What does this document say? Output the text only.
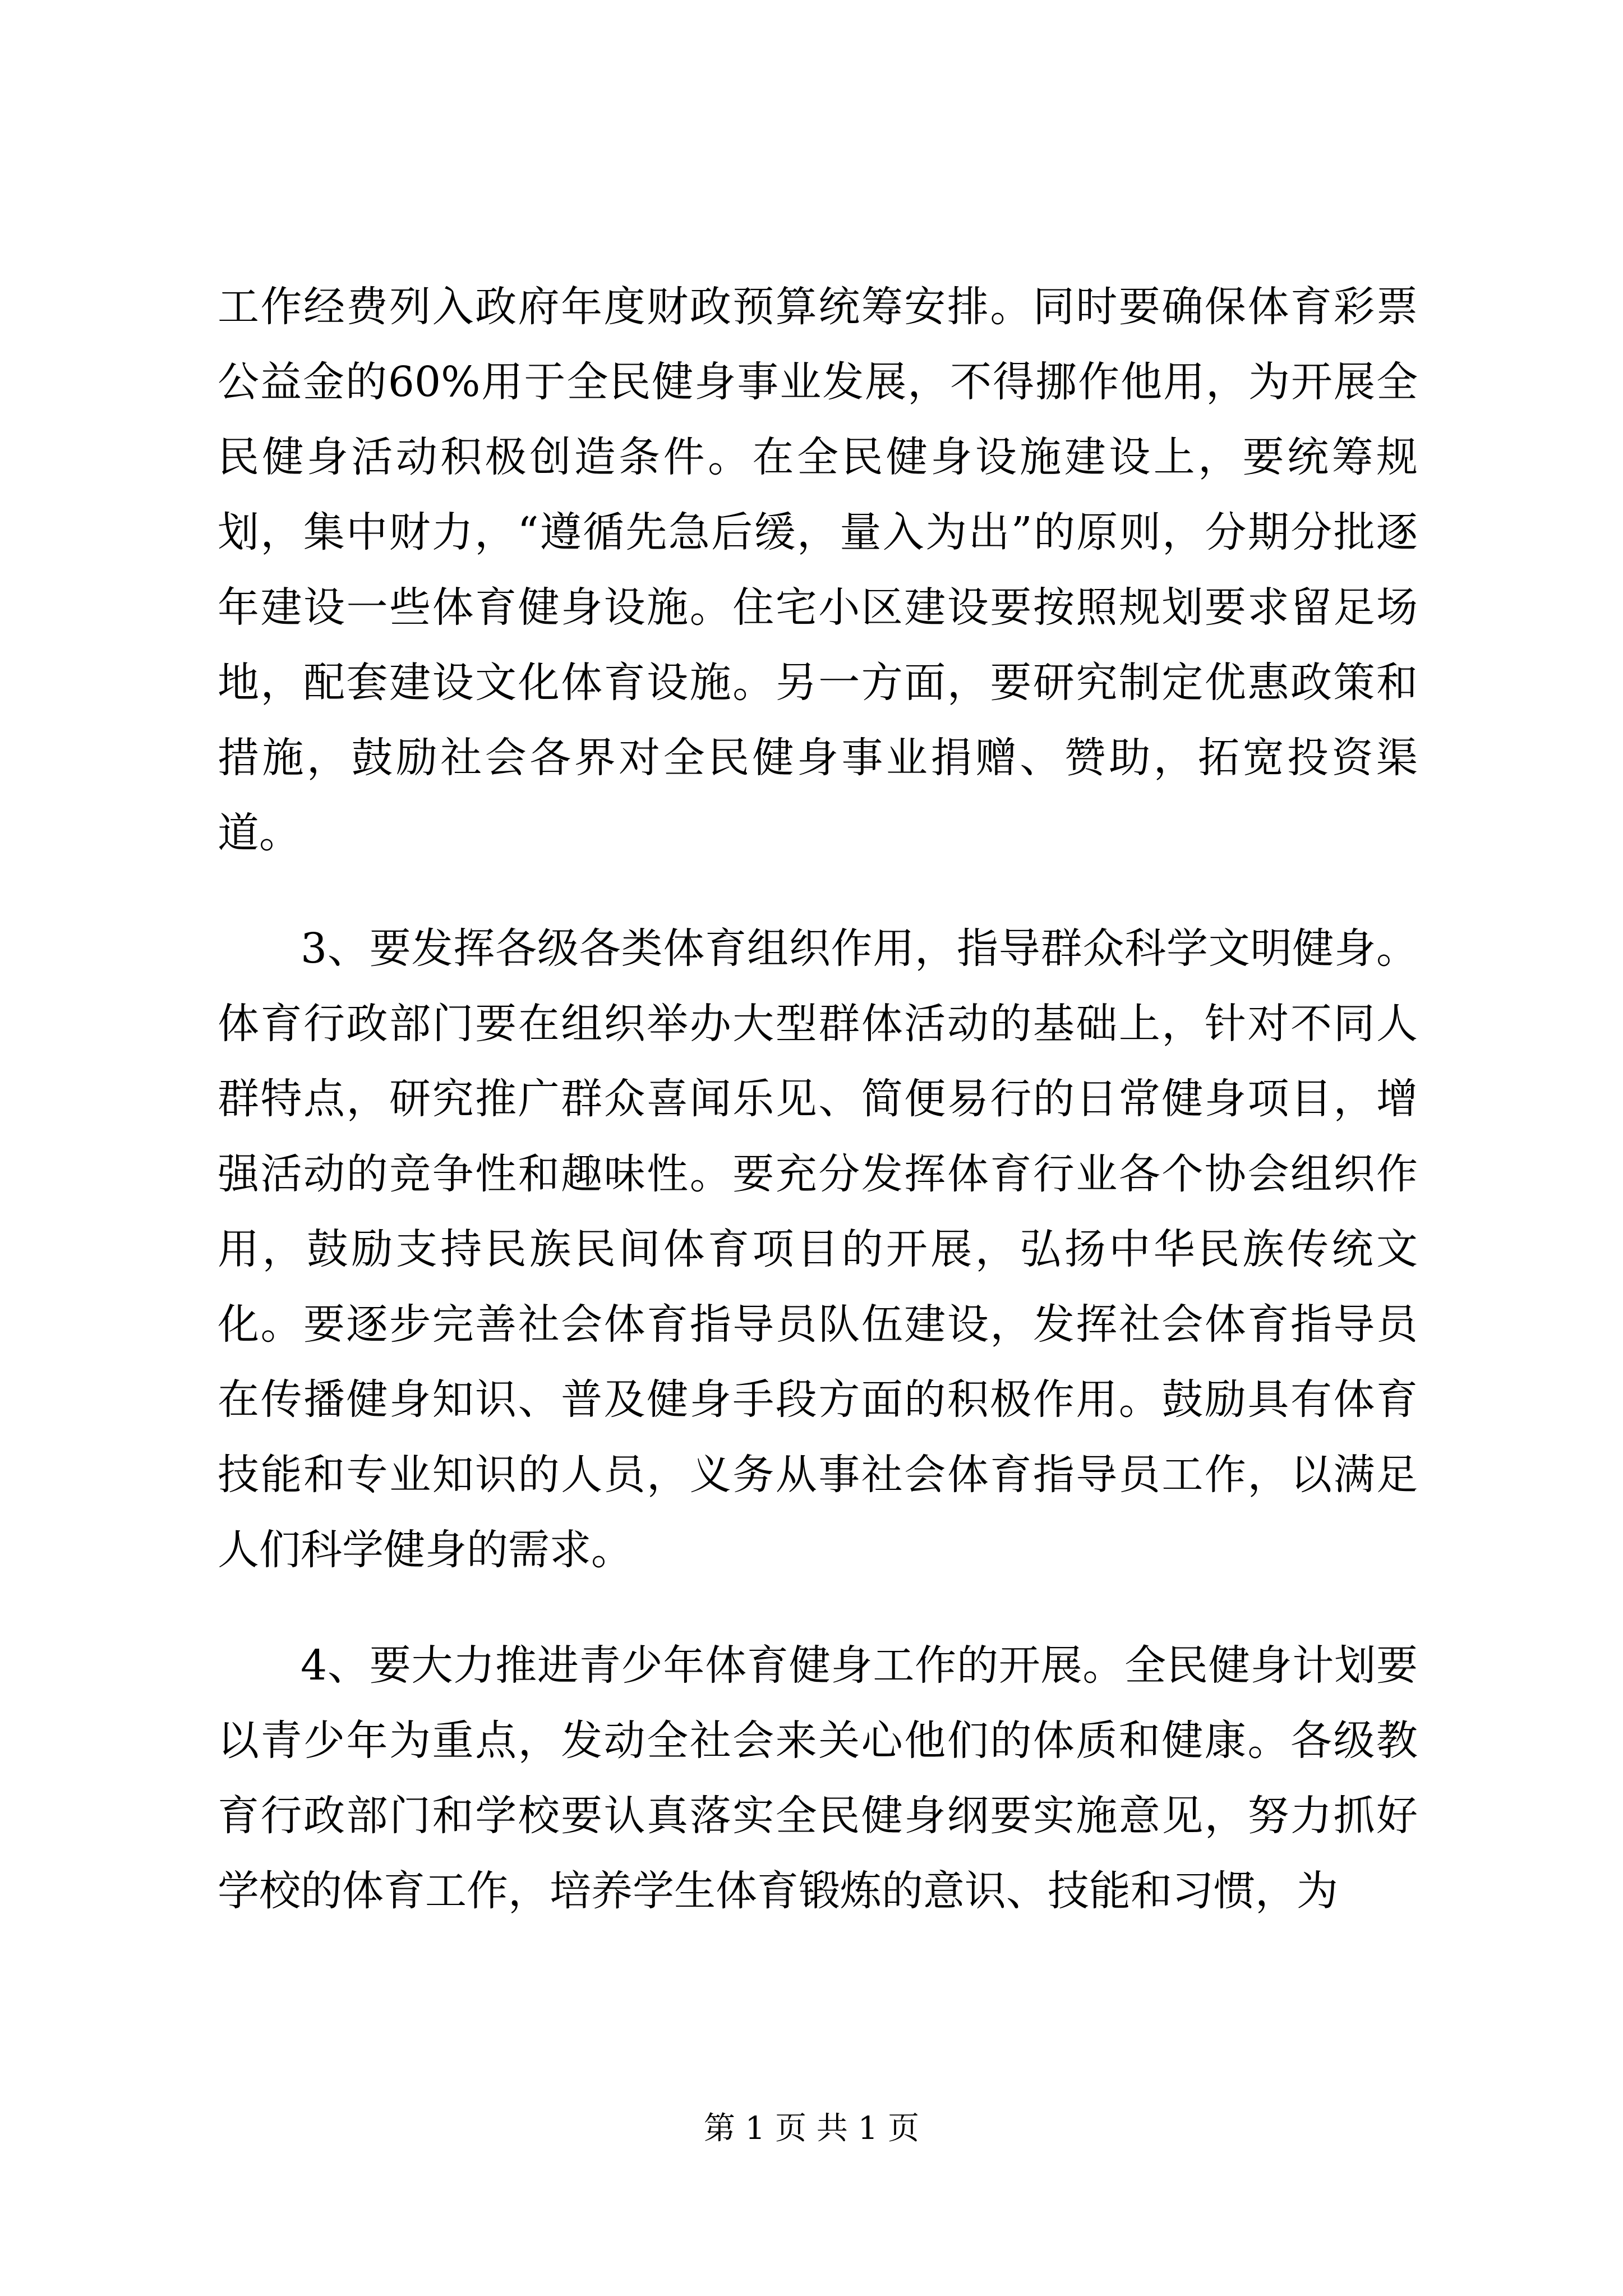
工作经费列入政府年度财政预算统筹安排。同时要确保体育彩票公益金的60%用于全民健身事业发展，不得挪作他用，为开展全民健身活动积极创造条件。在全民健身设施建设上，要统筹规划，集中财力，“遵循先急后缓，量入为出”的原则，分期分批逐年建设一些体育健身设施。住宅小区建设要按照规划要求留足场地，配套建设文化体育设施。另一方面，要研究制定优惠政策和措施，鼓励社会各界对全民健身事业捐赠、赞助，拓宽投资渠道。

3、要发挥各级各类体育组织作用，指导群众科学文明健身。体育行政部门要在组织举办大型群体活动的基础上，针对不同人群特点，研究推广群众喜闻乐见、简便易行的日常健身项目，增强活动的竞争性和趣味性。要充分发挥体育行业各个协会组织作用，鼓励支持民族民间体育项目的开展，弘扬中华民族传统文化。要逐步完善社会体育指导员队伍建设，发挥社会体育指导员在传播健身知识、普及健身手段方面的积极作用。鼓励具有体育技能和专业知识的人员，义务从事社会体育指导员工作，以满足人们科学健身的需求。

4、要大力推进青少年体育健身工作的开展。全民健身计划要以青少年为重点，发动全社会来关心他们的体质和健康。各级教育行政部门和学校要认真落实全民健身纲要实施意见，努力抓好学校的体育工作，培养学生体育锻炼的意识、技能和习惯，为

第 1 页 共 1 页
